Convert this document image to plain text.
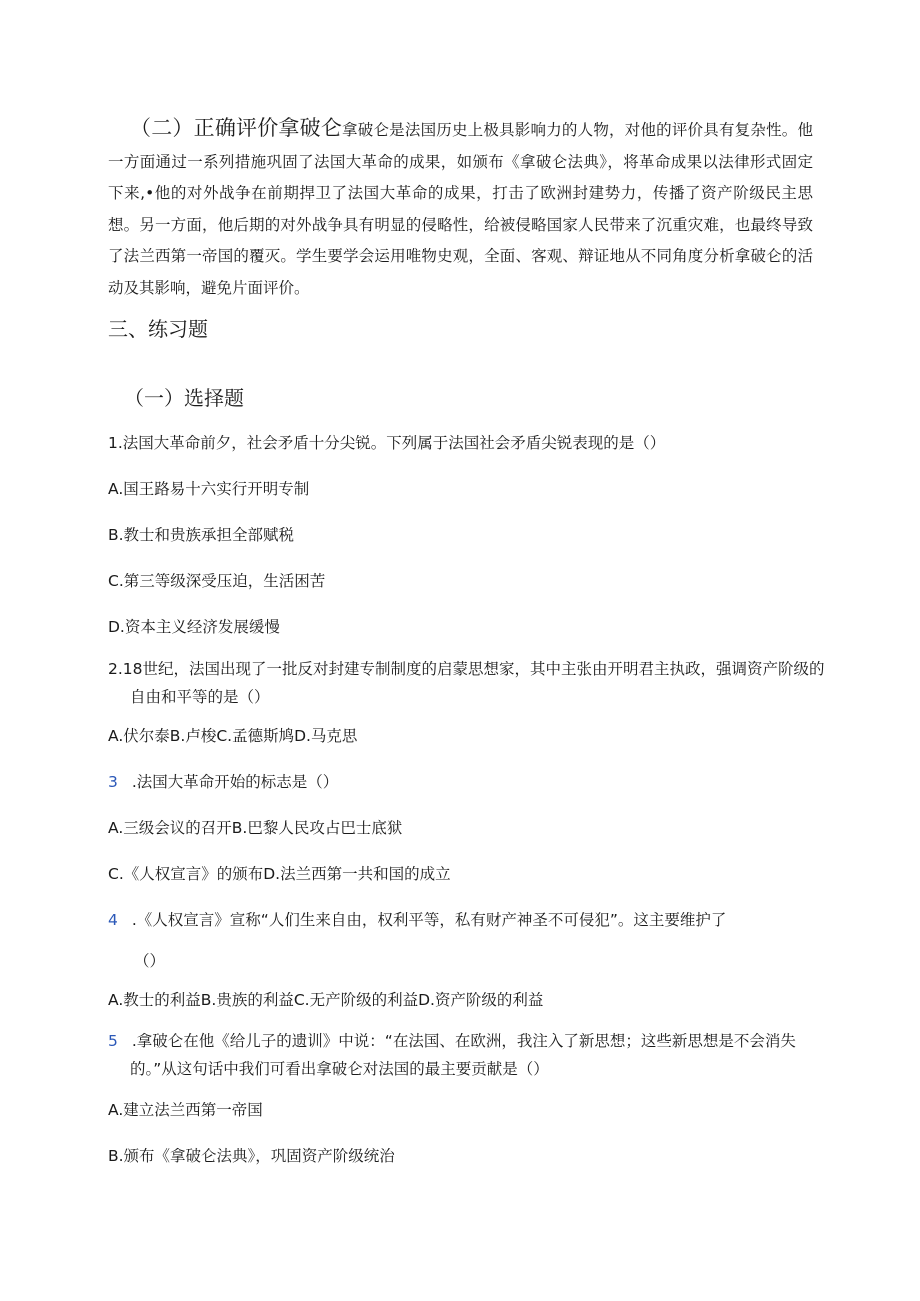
（二）正确评价拿破仑拿破仑是法国历史上极具影响力的人物，对他的评价具有复杂性。他一方面通过一系列措施巩固了法国大革命的成果，如颁布《拿破仑法典》，将革命成果以法律形式固定下来,•他的对外战争在前期捍卫了法国大革命的成果，打击了欧洲封建势力，传播了资产阶级民主思想。另一方面，他后期的对外战争具有明显的侵略性，给被侵略国家人民带来了沉重灾难，也最终导致了法兰西第一帝国的覆灭。学生要学会运用唯物史观，全面、客观、辩证地从不同角度分析拿破仑的活动及其影响，避免片面评价。

三、练习题
（一）选择题
1.法国大革命前夕，社会矛盾十分尖锐。下列属于法国社会矛盾尖锐表现的是（）
A.国王路易十六实行开明专制
B.教士和贵族承担全部赋税
C.第三等级深受压迫，生活困苦
D.资本主义经济发展缓慢
2.18世纪，法国出现了一批反对封建专制制度的启蒙思想家，其中主张由开明君主执政，强调资产阶级的自由和平等的是（）
A.伏尔泰B.卢梭C.孟德斯鸠D.马克思
3 .法国大革命开始的标志是（）
A.三级会议的召开B.巴黎人民攻占巴士底狱
C.《人权宣言》的颁布D.法兰西第一共和国的成立
4 .《人权宣言》宣称“人们生来自由，权利平等，私有财产神圣不可侵犯”。这主要维护了
（）
A.教士的利益B.贵族的利益C.无产阶级的利益D.资产阶级的利益
5 .拿破仑在他《给儿子的遗训》中说：“在法国、在欧洲，我注入了新思想；这些新思想是不会消失的。”从这句话中我们可看出拿破仑对法国的最主要贡献是（）
A.建立法兰西第一帝国
B.颁布《拿破仑法典》，巩固资产阶级统治
